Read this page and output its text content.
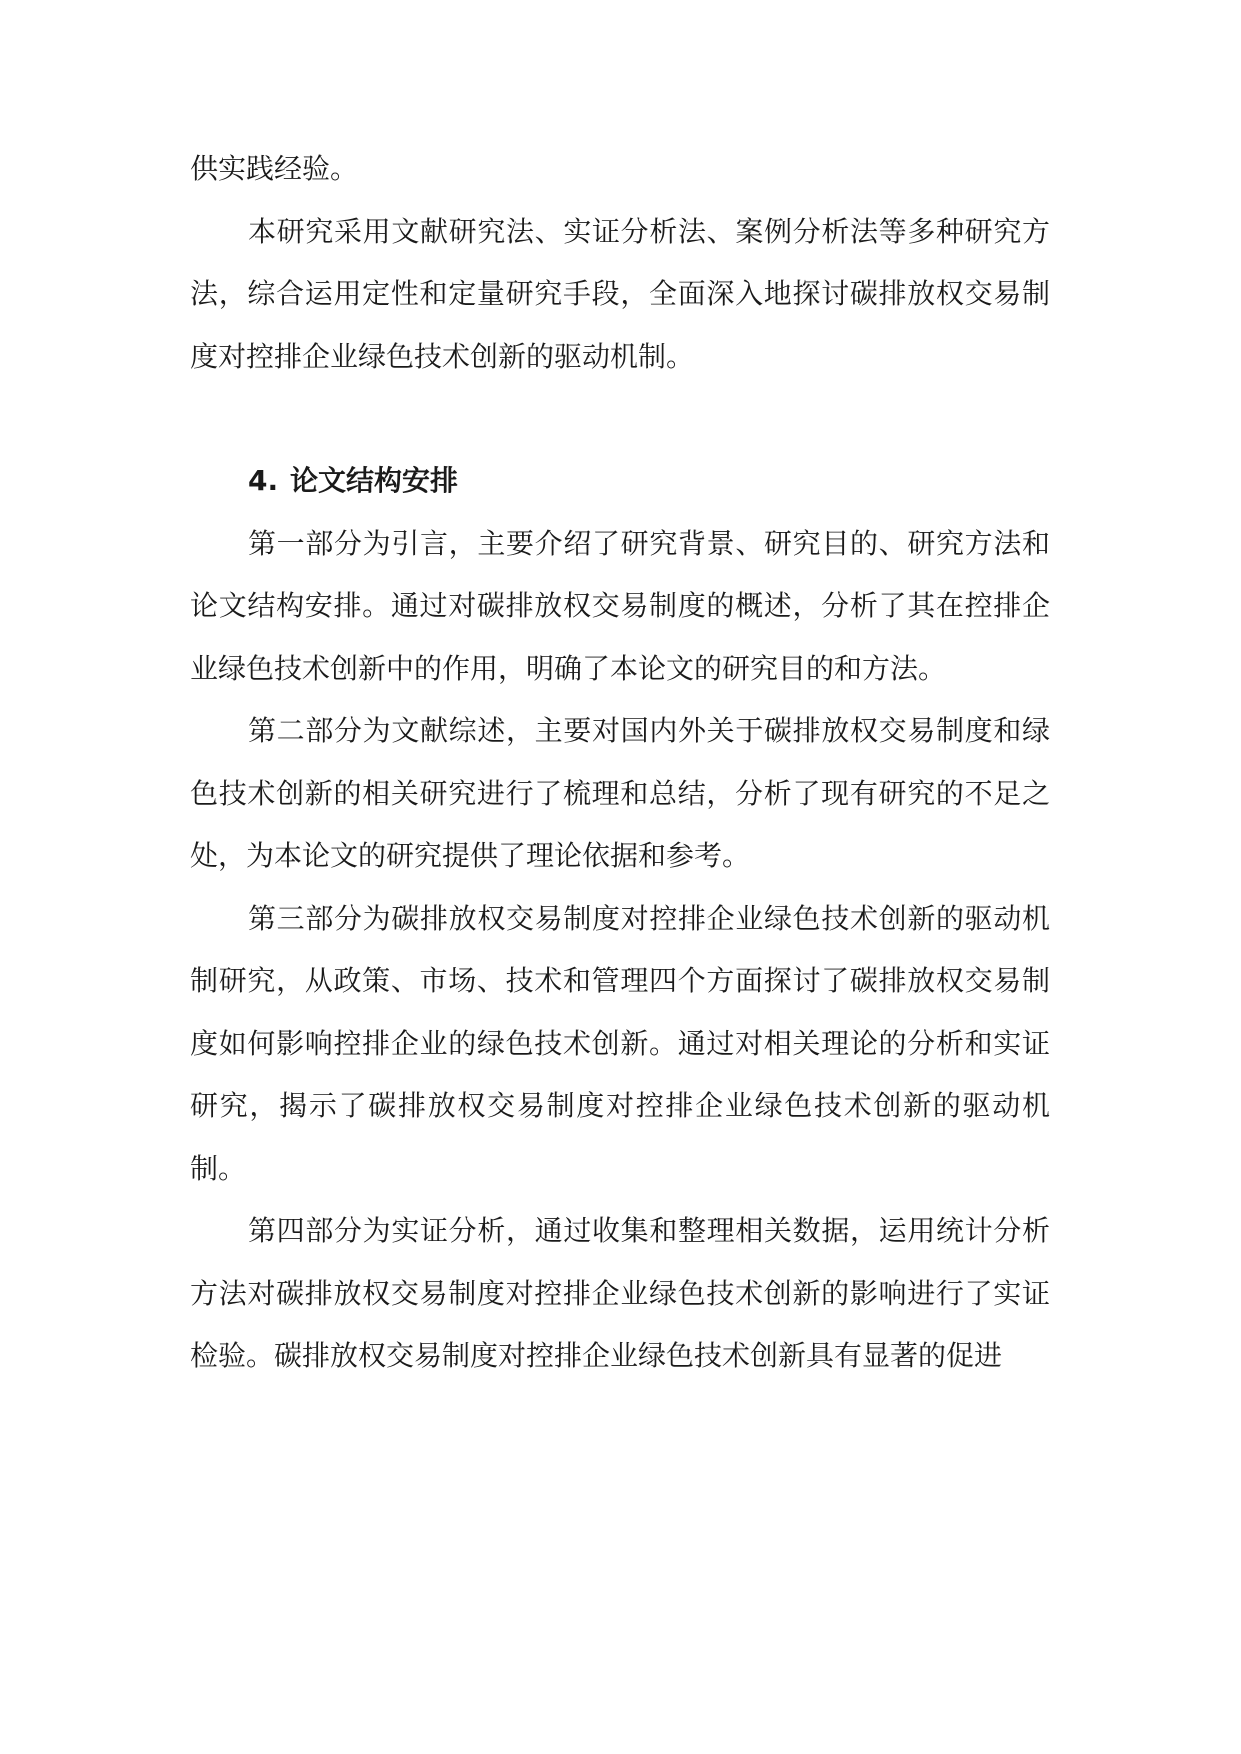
供实践经验。

本研究采用文献研究法、实证分析法、案例分析法等多种研究方法，综合运用定性和定量研究手段，全面深入地探讨碳排放权交易制度对控排企业绿色技术创新的驱动机制。

4. 论文结构安排

第一部分为引言，主要介绍了研究背景、研究目的、研究方法和论文结构安排。通过对碳排放权交易制度的概述，分析了其在控排企业绿色技术创新中的作用，明确了本论文的研究目的和方法。

第二部分为文献综述，主要对国内外关于碳排放权交易制度和绿色技术创新的相关研究进行了梳理和总结，分析了现有研究的不足之处，为本论文的研究提供了理论依据和参考。

第三部分为碳排放权交易制度对控排企业绿色技术创新的驱动机制研究，从政策、市场、技术和管理四个方面探讨了碳排放权交易制度如何影响控排企业的绿色技术创新。通过对相关理论的分析和实证研究，揭示了碳排放权交易制度对控排企业绿色技术创新的驱动机制。

第四部分为实证分析，通过收集和整理相关数据，运用统计分析方法对碳排放权交易制度对控排企业绿色技术创新的影响进行了实证检验。碳排放权交易制度对控排企业绿色技术创新具有显著的促进
